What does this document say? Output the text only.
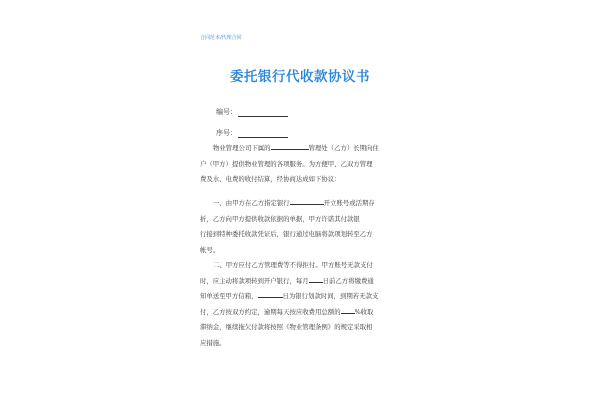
合同范本/代理合同
委托银行代收款协议书
编号：
序号：
物业管理公司下属的	管理处（乙方）长期向住
户（甲方）提供物业管理的各项服务。为方便甲、乙双方管理
费及水、电费的收付结算，经协商达成如下协议：
一、由甲方在乙方指定银行	开立账号或活期存
折，乙方向甲方提供收款依据的单据，甲方许诺其付款银
行接到特种委托收款凭证后，银行通过电脑将款项划转至乙方
帐号。
二、甲方应付乙方管理费等不得拒付。甲方账号无款支付
时，应主动将款项转到开户银行，每月 日前乙方将缴费通
知单送至甲方信箱，	日为银行划款时间，到期若无款支
付，乙方按双方约定，逾期每天按应收费用总额的 %收取
滞纳金，继续拖欠付款将按照《物业管理条例》的规定采取相
应措施。
